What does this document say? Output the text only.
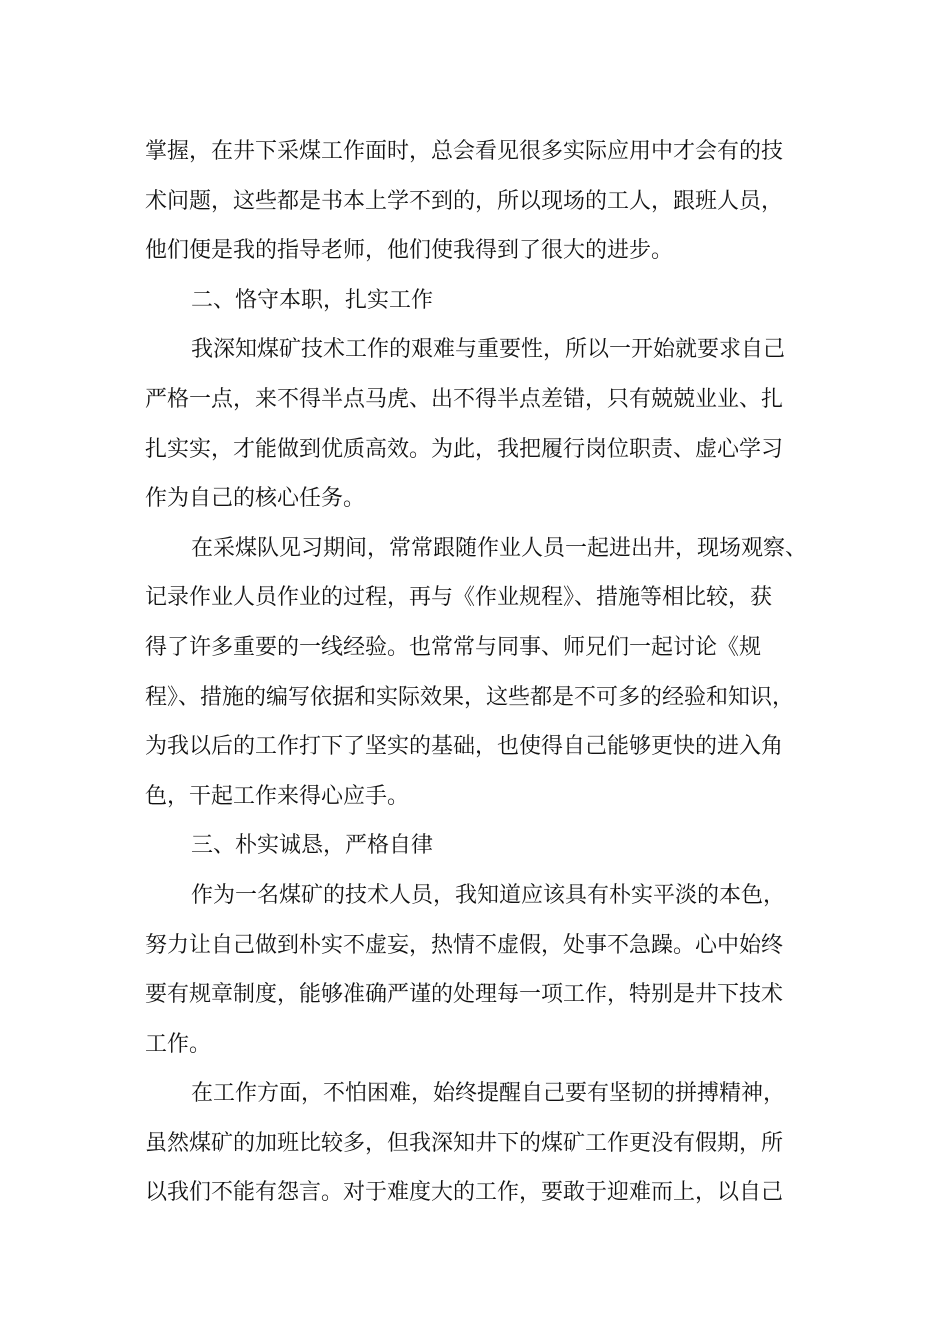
掌握，在井下采煤工作面时，总会看见很多实际应用中才会有的技
术问题，这些都是书本上学不到的，所以现场的工人，跟班人员，
他们便是我的指导老师，他们使我得到了很大的进步。
二、恪守本职，扎实工作
我深知煤矿技术工作的艰难与重要性，所以一开始就要求自己
严格一点，来不得半点马虎、出不得半点差错，只有兢兢业业、扎
扎实实，才能做到优质高效。为此，我把履行岗位职责、虚心学习
作为自己的核心任务。
在采煤队见习期间，常常跟随作业人员一起进出井，现场观察、
记录作业人员作业的过程，再与《作业规程》、措施等相比较，获
得了许多重要的一线经验。也常常与同事、师兄们一起讨论《规
程》、措施的编写依据和实际效果，这些都是不可多的经验和知识，
为我以后的工作打下了坚实的基础，也使得自己能够更快的进入角
色，干起工作来得心应手。
三、朴实诚恳，严格自律
作为一名煤矿的技术人员，我知道应该具有朴实平淡的本色，
努力让自己做到朴实不虚妄，热情不虚假，处事不急躁。心中始终
要有规章制度，能够准确严谨的处理每一项工作，特别是井下技术
工作。
在工作方面，不怕困难，始终提醒自己要有坚韧的拼搏精神，
虽然煤矿的加班比较多，但我深知井下的煤矿工作更没有假期，所
以我们不能有怨言。对于难度大的工作，要敢于迎难而上，以自己
